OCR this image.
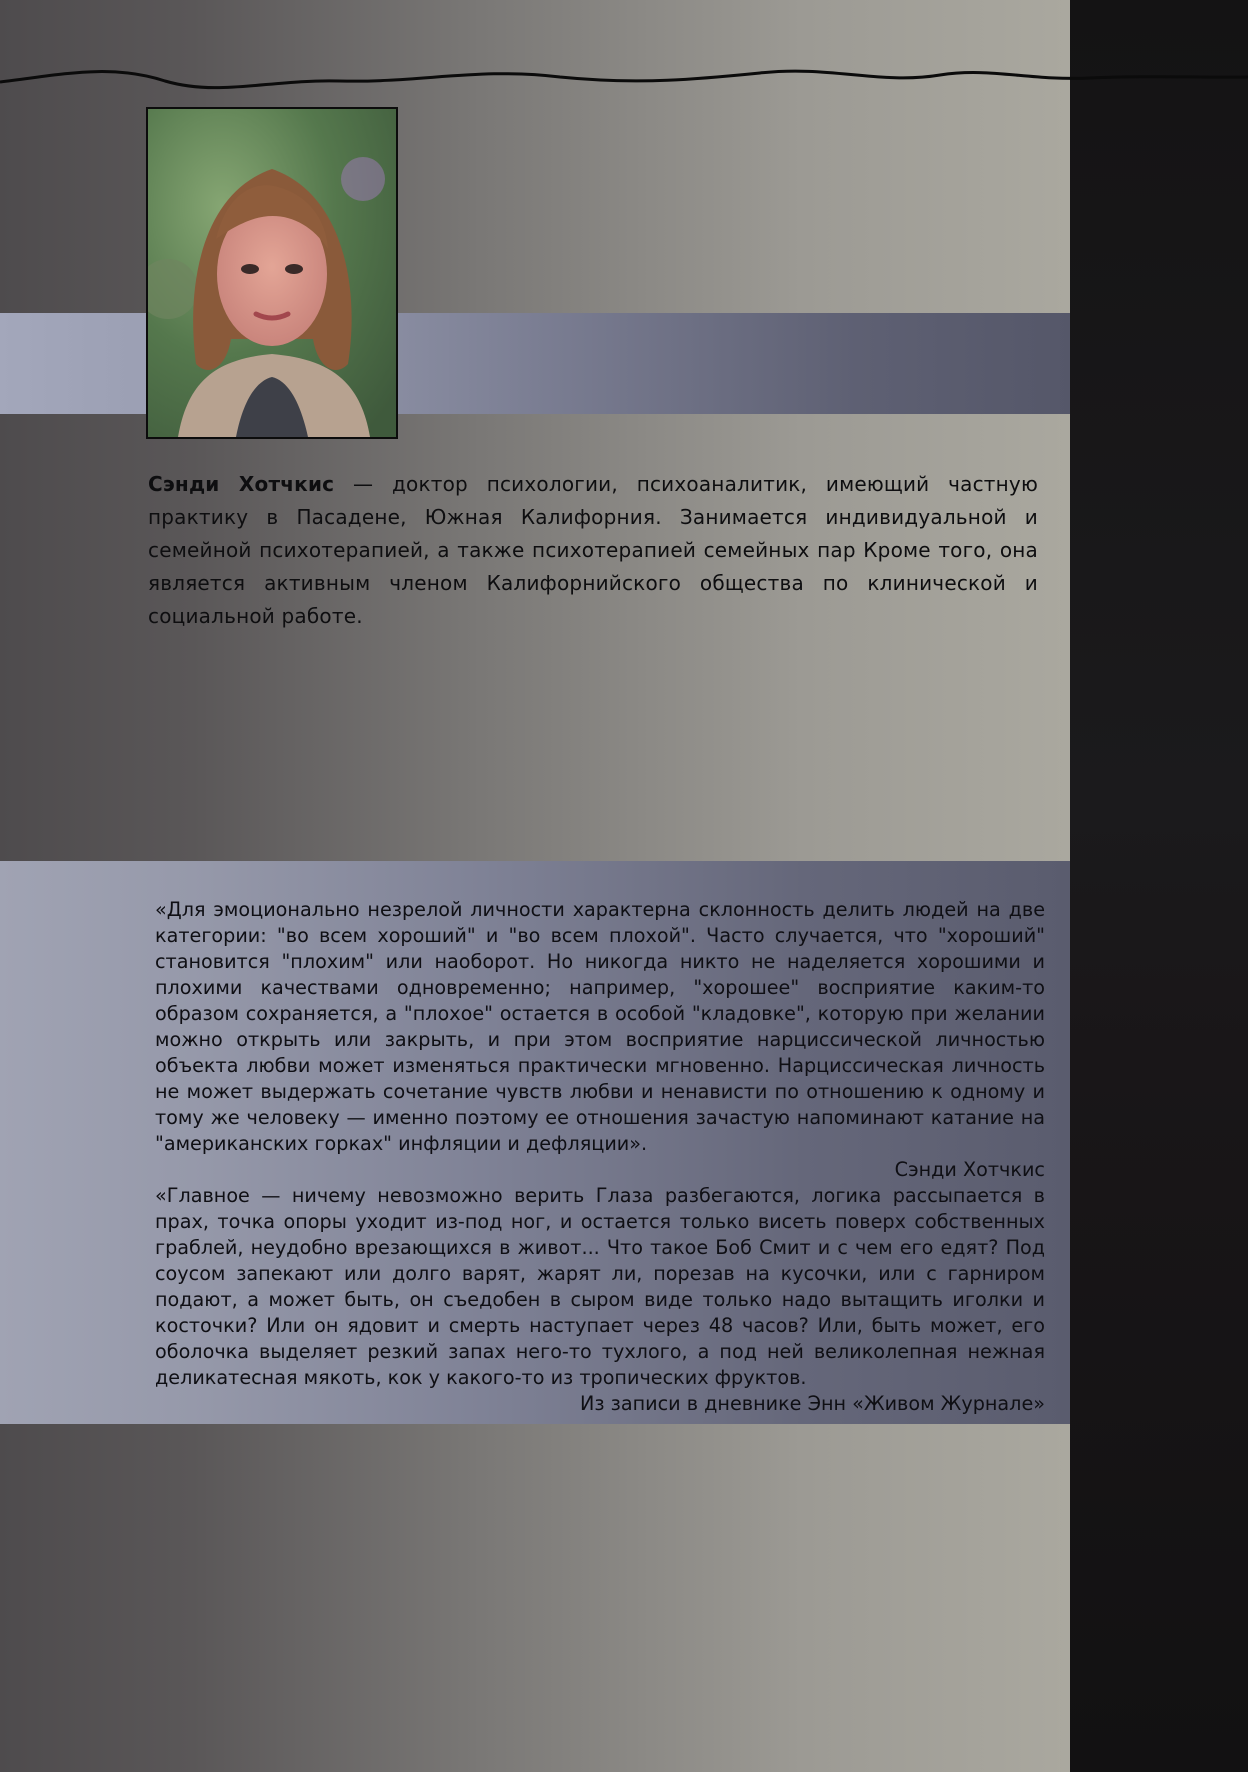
Сэнди Хотчкис — доктор психологии, психоаналитик, имеющий частную практику в Пасадене, Южная Калифорния. Занимается индивидуальной и семейной психотерапией, а также психотерапией семейных пар Кроме того, она является активным членом Калифорнийского общества по клинической и социальной работе.

«Для эмоционально незрелой личности характерна склонность делить людей на две категории: "во всем хороший" и "во всем плохой". Часто случается, что "хороший" становится "плохим" или наоборот. Но никогда никто не наделяется хорошими и плохими качествами одновременно; например, "хорошее" восприятие каким-то образом сохраняется, а "плохое" остается в особой "кладовке", которую при желании можно открыть или закрыть, и при этом восприятие нарциссической личностью объекта любви может изменяться практически мгновенно. Нарциссическая личность не может выдержать сочетание чувств любви и ненависти по отношению к одному и тому же человеку — именно поэтому ее отношения зачастую напоминают катание на "американских горках" инфляции и дефляции».

Сэнди Хотчкис

«Главное — ничему невозможно верить Глаза разбегаются, логика рассыпается в прах, точка опоры уходит из-под ног, и остается только висеть поверх собственных граблей, неудобно врезающихся в живот... Что такое Боб Смит и с чем его едят? Под соусом запекают или долго варят, жарят ли, порезав на кусочки, или с гарниром подают, а может быть, он съедобен в сыром виде только надо вытащить иголки и косточки? Или он ядовит и смерть наступает через 48 часов? Или, быть может, его оболочка выделяет резкий запах него-то тухлого, а под ней великолепная нежная деликатесная мякоть, кок у какого-то из тропических фруктов.

Из записи в дневнике Энн «Живом Журнале»
